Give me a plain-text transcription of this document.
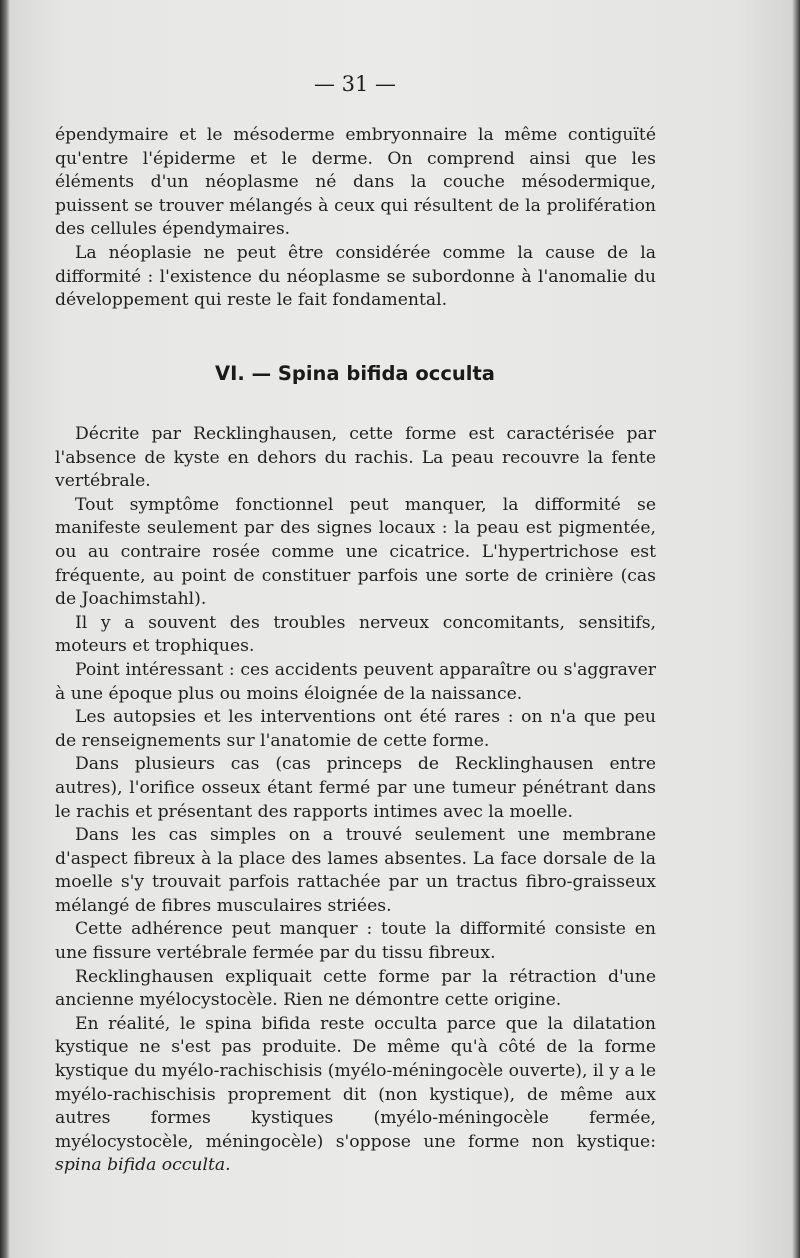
— 31 —

épendymaire et le mésoderme embryonnaire la même contiguïté qu'entre l'épiderme et le derme. On comprend ainsi que les éléments d'un néoplasme né dans la couche mésodermique, puissent se trouver mélangés à ceux qui résultent de la prolifération des cellules épendymaires.

La néoplasie ne peut être considérée comme la cause de la difformité : l'existence du néoplasme se subordonne à l'anomalie du développement qui reste le fait fondamental.

VI. — Spina bifida occulta

Décrite par Recklinghausen, cette forme est caractérisée par l'absence de kyste en dehors du rachis. La peau recouvre la fente vertébrale.

Tout symptôme fonctionnel peut manquer, la difformité se manifeste seulement par des signes locaux : la peau est pigmentée, ou au contraire rosée comme une cicatrice. L'hypertrichose est fréquente, au point de constituer parfois une sorte de crinière (cas de Joachimstahl).

Il y a souvent des troubles nerveux concomitants, sensitifs, moteurs et trophiques.

Point intéressant : ces accidents peuvent apparaître ou s'aggraver à une époque plus ou moins éloignée de la naissance.

Les autopsies et les interventions ont été rares : on n'a que peu de renseignements sur l'anatomie de cette forme.

Dans plusieurs cas (cas princeps de Recklinghausen entre autres), l'orifice osseux étant fermé par une tumeur pénétrant dans le rachis et présentant des rapports intimes avec la moelle.

Dans les cas simples on a trouvé seulement une membrane d'aspect fibreux à la place des lames absentes. La face dorsale de la moelle s'y trouvait parfois rattachée par un tractus fibro-graisseux mélangé de fibres musculaires striées.

Cette adhérence peut manquer : toute la difformité consiste en une fissure vertébrale fermée par du tissu fibreux.

Recklinghausen expliquait cette forme par la rétraction d'une ancienne myélocystocèle. Rien ne démontre cette origine.

En réalité, le spina bifida reste occulta parce que la dilatation kystique ne s'est pas produite. De même qu'à côté de la forme kystique du myélo-rachischisis (myélo-méningocèle ouverte), il y a le myélo-rachischisis proprement dit (non kystique), de même aux autres formes kystiques (myélo-méningocèle fermée, myélocystocèle, méningocèle) s'oppose une forme non kystique: spina bifida occulta.
